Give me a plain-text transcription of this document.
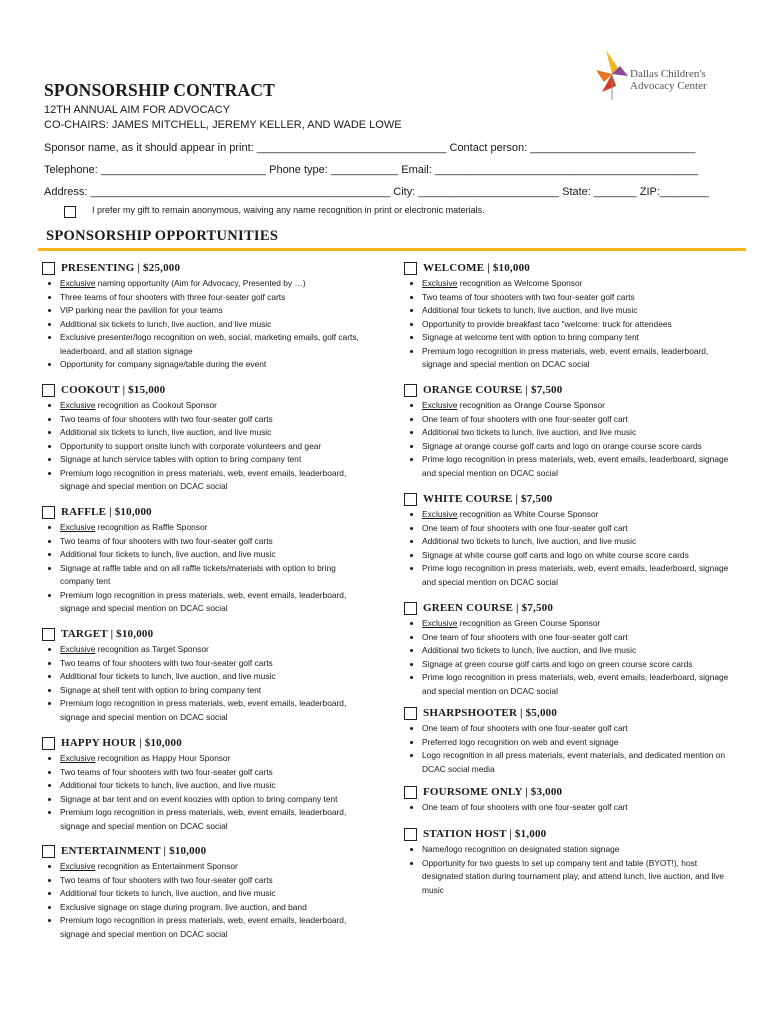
SPONSORSHIP CONTRACT
12TH ANNUAL AIM FOR ADVOCACY
CO-CHAIRS: JAMES MITCHELL, JEREMY KELLER, AND WADE LOWE
Dallas Children's
Advocacy Center
Sponsor name, as it should appear in print: _______________________________ Contact person: ___________________________
Telephone: ___________________________ Phone type: ___________ Email: ___________________________________________
Address: _________________________________________________ City: _______________________ State: _______ ZIP:________
I prefer my gift to remain anonymous, waiving any name recognition in print or electronic materials.
SPONSORSHIP OPPORTUNITIES
PRESENTING | $25,000
• Exclusive naming opportunity (Aim for Advocacy, Presented by …)
• Three teams of four shooters with three four-seater golf carts
• VIP parking near the pavilion for your teams
• Additional six tickets to lunch, live auction, and live music
• Exclusive presenter/logo recognition on web, social, marketing emails, golf carts, leaderboard, and all station signage
• Opportunity for company signage/table during the event
COOKOUT | $15,000
• Exclusive recognition as Cookout Sponsor
• Two teams of four shooters with two four-seater golf carts
• Additional six tickets to lunch, live auction, and live music
• Opportunity to support onsite lunch with corporate volunteers and gear
• Signage at lunch service tables with option to bring company tent
• Premium logo recognition in press materials, web, event emails, leaderboard, signage and special mention on DCAC social
RAFFLE | $10,000
• Exclusive recognition as Raffle Sponsor
• Two teams of four shooters with two four-seater golf carts
• Additional four tickets to lunch, live auction, and live music
• Signage at raffle table and on all raffle tickets/materials with option to bring company tent
• Premium logo recognition in press materials, web, event emails, leaderboard, signage and special mention on DCAC social
TARGET | $10,000
• Exclusive recognition as Target Sponsor
• Two teams of four shooters with two four-seater golf carts
• Additional four tickets to lunch, live auction, and live music
• Signage at shell tent with option to bring company tent
• Premium logo recognition in press materials, web, event emails, leaderboard, signage and special mention on DCAC social
HAPPY HOUR | $10,000
• Exclusive recognition as Happy Hour Sponsor
• Two teams of four shooters with two four-seater golf carts
• Additional four tickets to lunch, live auction, and live music
• Signage at bar tent and on event koozies with option to bring company tent
• Premium logo recognition in press materials, web, event emails, leaderboard, signage and special mention on DCAC social
ENTERTAINMENT | $10,000
• Exclusive recognition as Entertainment Sponsor
• Two teams of four shooters with two four-seater golf carts
• Additional four tickets to lunch, live auction, and live music
• Exclusive signage on stage during program, live auction, and band
• Premium logo recognition in press materials, web, event emails, leaderboard, signage and special mention on DCAC social
WELCOME | $10,000
• Exclusive recognition as Welcome Sponsor
• Two teams of four shooters with two four-seater golf carts
• Additional four tickets to lunch, live auction, and live music
• Opportunity to provide breakfast taco "welcome: truck for attendees
• Signage at welcome tent with option to bring company tent
• Premium logo recognition in press materials, web, event emails, leaderboard, signage and special mention on DCAC social
ORANGE COURSE | $7,500
• Exclusive recognition as Orange Course Sponsor
• One team of four shooters with one four-seater golf cart
• Additional two tickets to lunch, live auction, and live music
• Signage at orange course golf carts and logo on orange course score cards
• Prime logo recognition in press materials, web, event emails, leaderboard, signage and special mention on DCAC social
WHITE COURSE | $7,500
• Exclusive recognition as White Course Sponsor
• One team of four shooters with one four-seater golf cart
• Additional two tickets to lunch, live auction, and live music
• Signage at white course golf carts and logo on white course score cards
• Prime logo recognition in press materials, web, event emails, leaderboard, signage and special mention on DCAC social
GREEN COURSE | $7,500
• Exclusive recognition as Green Course Sponsor
• One team of four shooters with one four-seater golf cart
• Additional two tickets to lunch, live auction, and live music
• Signage at green course golf carts and logo on green course score cards
• Prime logo recognition in press materials, web, event emails, leaderboard, signage and special mention on DCAC social
SHARPSHOOTER | $5,000
• One team of four shooters with one four-seater golf cart
• Preferred logo recognition on web and event signage
• Logo recognition in all press materials, event materials, and dedicated mention on DCAC social media
FOURSOME ONLY | $3,000
• One team of four shooters with one four-seater golf cart
STATION HOST | $1,000
• Name/logo recognition on designated station signage
• Opportunity for two guests to set up company tent and table (BYOT!), host designated station during tournament play, and attend lunch, live auction, and live music
